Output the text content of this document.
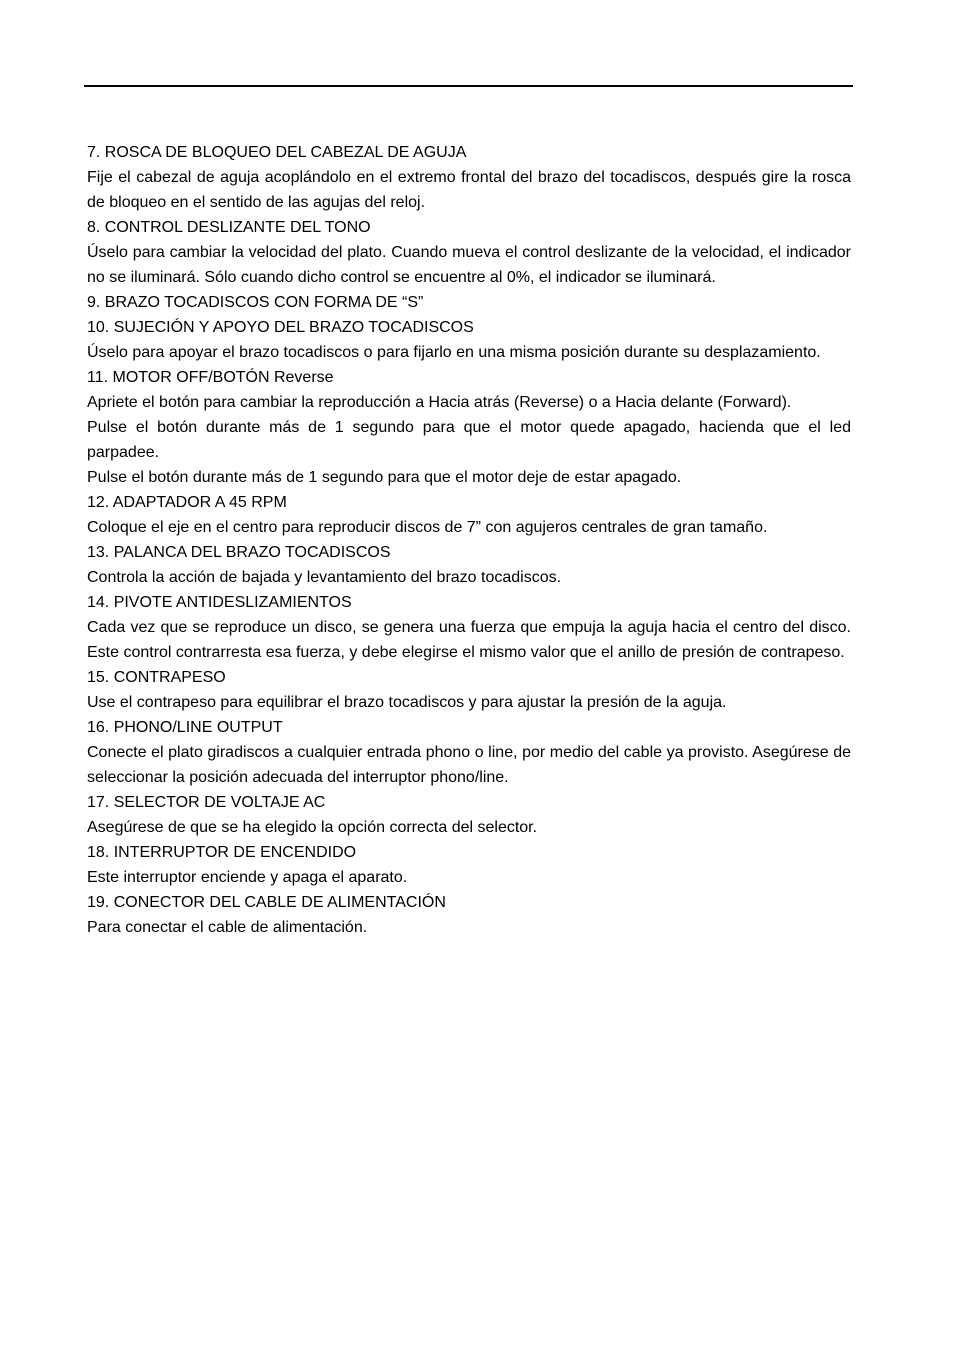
7. ROSCA DE BLOQUEO DEL CABEZAL DE AGUJA

Fije el cabezal de aguja acoplándolo en el extremo frontal del brazo del tocadiscos, después gire la rosca de bloqueo en el sentido de las agujas del reloj.

8. CONTROL DESLIZANTE DEL TONO

Úselo para cambiar la velocidad del plato. Cuando mueva el control deslizante de la velocidad, el indicador no se iluminará. Sólo cuando dicho control se encuentre al 0%, el indicador se iluminará.

9. BRAZO TOCADISCOS CON FORMA DE “S”
10. SUJECIÓN Y APOYO DEL BRAZO TOCADISCOS

Úselo para apoyar el brazo tocadiscos o para fijarlo en una misma posición durante su desplazamiento.

11. MOTOR OFF/BOTÓN Reverse

Apriete el botón para cambiar la reproducción a Hacia atrás (Reverse) o a Hacia delante (Forward).

Pulse el botón durante más de 1 segundo para que el motor quede apagado, hacienda que el led parpadee.

Pulse el botón durante más de 1 segundo para que el motor deje de estar apagado.

12. ADAPTADOR A 45 RPM

Coloque el eje en el centro para reproducir discos de 7” con agujeros centrales de gran tamaño.

13. PALANCA DEL BRAZO TOCADISCOS

Controla la acción de bajada y levantamiento del brazo tocadiscos.

14. PIVOTE ANTIDESLIZAMIENTOS

Cada vez que se reproduce un disco, se genera una fuerza que empuja la aguja hacia el centro del disco. Este control contrarresta esa fuerza, y debe elegirse el mismo valor que el anillo de presión de contrapeso.

15. CONTRAPESO

Use el contrapeso para equilibrar el brazo tocadiscos y para ajustar la presión de la aguja.

16. PHONO/LINE OUTPUT

Conecte el plato giradiscos a cualquier entrada phono o line, por medio del cable ya provisto. Asegúrese de seleccionar la posición adecuada del interruptor phono/line.

17. SELECTOR DE VOLTAJE AC

Asegúrese de que se ha elegido la opción correcta del selector.

18. INTERRUPTOR DE ENCENDIDO

Este interruptor enciende y apaga el aparato.

19. CONECTOR DEL CABLE DE ALIMENTACIÓN

Para conectar el cable de alimentación.
